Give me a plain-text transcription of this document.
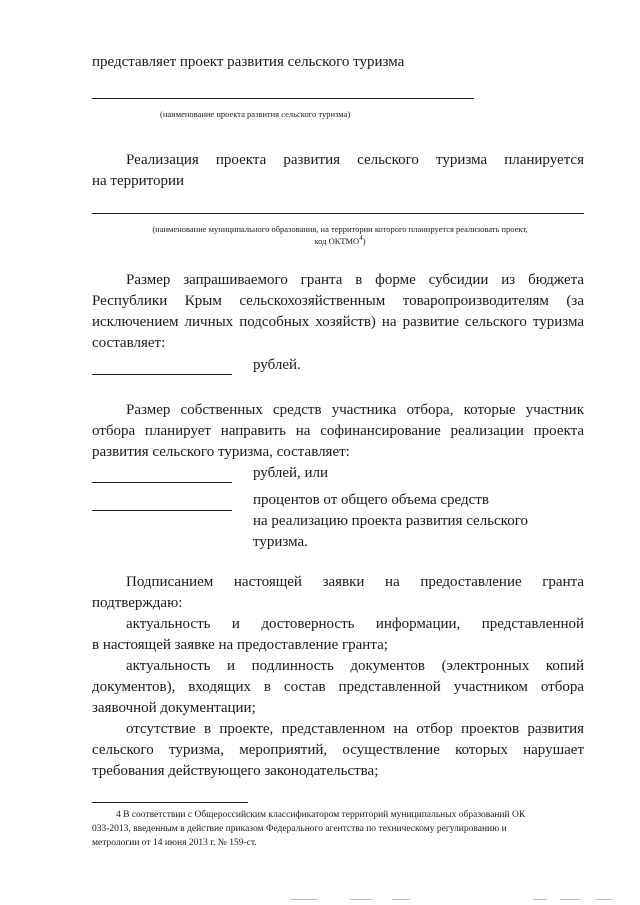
представляет проект развития сельского туризма
(наименование проекта развития сельского туризма)
Реализация проекта развития сельского туризма планируется
на территории
(наименование муниципального образования, на территории которого планируется реализовать проект,
код ОКТМО$^4$)
Размер запрашиваемого гранта в форме субсидии из бюджета
Республики Крым сельскохозяйственным товаропроизводителям (за
исключением личных подсобных хозяйств) на развитие сельского туризма
составляет:
рублей.
Размер собственных средств участника отбора, которые участник
отбора планирует направить на софинансирование реализации проекта
развития сельского туризма, составляет:
рублей, или
процентов от общего объема средств
на реализацию проекта развития сельского
туризма.
Подписанием настоящей заявки на предоставление гранта
подтверждаю:
актуальность и достоверность информации, представленной
в настоящей заявке на предоставление гранта;
актуальность и подлинность документов (электронных копий
документов), входящих в состав представленной участником отбора
заявочной документации;
отсутствие в проекте, представленном на отбор проектов развития
сельского туризма, мероприятий, осуществление которых нарушает
требования действующего законодательства;
4 В соответствии с Общероссийским классификатором территорий муниципальных образований ОК
033-2013, введенным в действие приказом Федерального агентства по техническому регулированию и
метрологии от 14 июня 2013 г. № 159-ст.
